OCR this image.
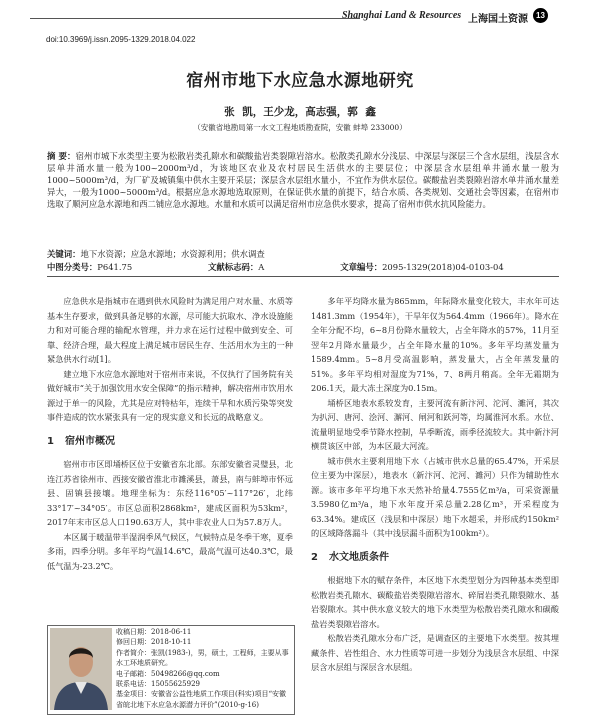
Shanghai Land & Resources 上海国土资源	13
doi:10.3969/j.issn.2095-1329.2018.04.022
宿州市地下水应急水源地研究
张 凯，王少龙，高志强，郭 鑫
（安徽省地勘局第一水文工程地质勘查院，安徽 蚌埠 233000）
摘 要：宿州市城下水类型主要为松散岩类孔隙水和碳酸盐岩类裂隙岩溶水。松散类孔隙水分浅层、中深层与深层三个含水层组，浅层含水层单井涌水量一般为100~2000m³/d，为该地区农业及农村居民生活供水的主要层位；中深层含水层组单井涌水量一般为1000~5000m³/d，为厂矿及城镇集中供水主要开采层；深层含水层组水量小，不宜作为供水层位。碳酸盐岩类裂隙岩溶水单井涌水量差异大，一般为1000~5000m³/d。根据应急水源地选取原则，在保证供水量的前提下，结合水质、各类规划、交通社会等因素，在宿州市选取了顺河应急水源地和西二铺应急水源地。水量和水质可以满足宿州市应急供水要求，提高了宿州市供水抗风险能力。
关键词：地下水资源；应急水源地；水资源利用；供水调查
中图分类号：P641.75	文献标志码：A	文章编号：2095-1329(2018)04-0103-04

应急供水是指城市在遇到供水风险时为满足用户对水量、水质等基本生存要求，做到具备足够的水源，尽可能大抗取水、净水设施能力和对可能合理的输配水管理，并力求在运行过程中做到安全、可靠、经济合理，最大程度上满足城市居民生存、生活用水为主的一种紧急供水行动[1]。

建立地下水应急水源地对于宿州市来说，不仅执行了国务院有关做好城市“关于加强饮用水安全保障”的指示精神，解决宿州市饮用水源过于单一的风险，尤其是应对特枯年，连续干旱和水质污染等突发事件造成的饮水紧张具有一定的现实意义和长远的战略意义。

1 宿州市概况

宿州市市区即埇桥区位于安徽省东北部。东部安徽省灵璧县，北连江苏省徐州市、西接安徽省淮北市濉溪县，萧县，南与蚌埠市怀远县、固镇县接壤。地理坐标为：东经116°05′~117°26′，北纬33°17′~34°05′。市区总面积2868km²，建成区面积为53km²，2017年末市区总人口190.63万人，其中非农业人口为57.8万人。

本区属于暖温带半湿润季风气候区，气候特点是冬季干寒，夏季多雨，四季分明。多年平均气温14.6℃，最高气温可达40.3℃，最低气温为-23.2℃。

收稿日期：2018-06-11
修回日期：2018-10-11
作者简介：张凯(1983-)，男，硕士，工程师，主要从事水工环地质研究。
电子邮箱：50498266@qq.com
联系电话：15055625929
基金项目：安徽省公益性地质工作项目(科实)项目“安徽省皖北地下水应急水源潜力评价”(2010-g-16)

多年平均降水量为865mm，年际降水量变化较大，丰水年可达1481.3mm（1954年），干旱年仅为564.4mm（1966年）。降水在全年分配不均，6~8月份降水量较大，占全年降水的57%，11月至翌年2月降水量最少，占全年降水量的10%。多年平均蒸发量为1589.4mm。5~8月受高温影响，蒸发量大，占全年蒸发量的51%。多年平均相对湿度为71%，7、8两月稍高。全年无霜期为206.1天，最大冻土深度为0.15m。

埇桥区地表水系较发育，主要河流有新汴河、沱河、濉河，其次为扒河、唐河、浍河、澥河、闸河和跃河等，均属淮河水系。水位、流量明显地受季节降水控制，旱季断流，雨季径流较大。其中新汴河横贯该区中部，为本区最大河流。

城市供水主要利用地下水（占城市供水总量的65.47%，开采层位主要为中深层），地表水（新汴河、沱河、濉河）只作为辅助性水源。该市多年平均地下水天然补给量4.7555亿m³/a，可采资源量3.5980亿m³/a，地下水年度开采总量2.28亿m³，开采程度为63.34%。建成区（浅层和中深层）地下水超采，并形成约150km²的区域降落漏斗（其中浅层漏斗面积为100km²）。

2 水文地质条件

根据地下水的赋存条件，本区地下水类型划分为四种基本类型即松散岩类孔隙水、碳酸盐岩类裂隙岩溶水、碎屑岩类孔隙裂隙水、基岩裂隙水。其中供水意义较大的地下水类型为松散岩类孔隙水和碳酸盐岩类裂隙岩溶水。

松散岩类孔隙水分布广泛，是调查区的主要地下水类型。按其埋藏条件、岩性组合、水力性质等可进一步划分为浅层含水层组、中深层含水层组与深层含水层组。
